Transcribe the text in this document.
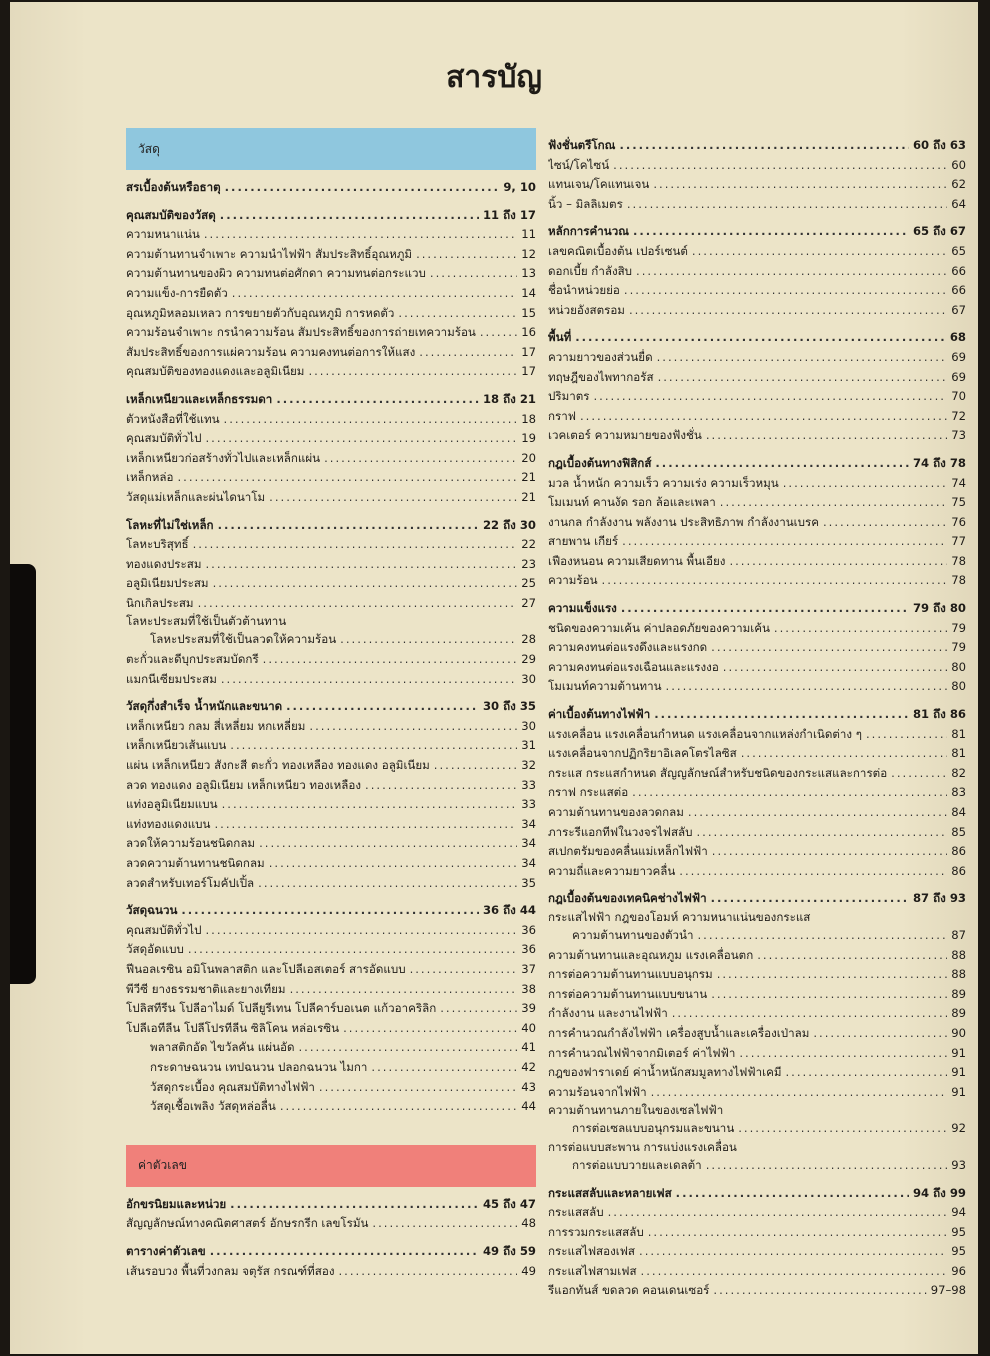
สารบัญ
วัสดุ
สรเบื้องต้นหรือธาตุ .....	9, 10
คุณสมบัติของวัสดุ .....	11 ถึง 17
ความหนาแน่น .....	11
ความต้านทานจำเพาะ ความนำไฟฟ้า สัมประสิทธิ์อุณหภูมิ .....	12
ความต้านทานของผิว ความทนต่อศักดา ความทนต่อกระแวบ .....	13
ความแข็ง-การยืดตัว .....	14
อุณหภูมิหลอมเหลว การขยายตัวกับอุณหภูมิ การหดตัว .....	15
ความร้อนจำเพาะ กรนำความร้อน สัมประสิทธิ์ของการถ่ายเทความร้อน .....	16
สัมประสิทธิ์ของการแผ่ความร้อน ความคงทนต่อการให้แสง .....	17
คุณสมบัติของทองแดงและอลูมิเนียม .....	17
เหล็กเหนียวและเหล็กธรรมดา .....	18 ถึง 21
ตัวหนังสือที่ใช้แทน .....	18
คุณสมบัติทั่วไป .....	19
เหล็กเหนียวก่อสร้างทั่วไปและเหล็กแผ่น .....	20
เหล็กหล่อ .....	21
วัสดุแม่เหล็กและผ่นไดนาโม .....	21
โลหะที่ไม่ใช่เหล็ก .....	22 ถึง 30
โลหะบริสุทธิ์ .....	22
ทองแดงประสม .....	23
อลูมิเนียมประสม .....	25
นิกเกิลประสม .....	27
โลหะประสมที่ใช้เป็นตัวต้านทาน
โลหะประสมที่ใช้เป็นลวดให้ความร้อน .....	28
ตะกั่วและดีบุกประสมบัดกรี .....	29
แมกนีเซียมประสม .....	30
วัสดุกึ่งสำเร็จ น้ำหนักและขนาด .....	30 ถึง 35
เหล็กเหนียว กลม สี่เหลี่ยม หกเหลี่ยม .....	30
เหล็กเหนียวเส้นแบน .....	31
แผ่น เหล็กเหนียว สังกะสี ตะกั่ว ทองเหลือง ทองแดง อลูมิเนียม .....	32
ลวด ทองแดง อลูมิเนียม เหล็กเหนียว ทองเหลือง .....	33
แท่งอลูมิเนียมแบน .....	33
แท่งทองแดงแบน .....	34
ลวดให้ความร้อนชนิดกลม .....	34
ลวดความต้านทานชนิดกลม .....	34
ลวดสำหรับเทอร์โมคัปเปิ้ล .....	35
วัสดุฉนวน .....	36 ถึง 44
คุณสมบัติทั่วไป .....	36
วัสดุอัดแบบ .....	36
ฟีนอลเรซิน อมิโนพลาสติก และโปลีเอสเตอร์ สารอัดแบบ .....	37
พีวีซี ยางธรรมชาติและยางเทียม .....	38
โปลิสทีรีน โปลีอาไมด์ โปลียูรีเทน โปลีคาร์บอเนต แก้วอาคริลิก .....	39
โปลีเอทีลีน โปลีโปรทีลีน ซิลิโคน หล่อเรซิน .....	40
พลาสติกอัด ไขวัลคัน แผ่นอัด .....	41
กระดาษฉนวน เทปฉนวน ปลอกฉนวน ไมกา .....	42
วัสดุกระเบื้อง คุณสมบัติทางไฟฟ้า .....	43
วัสดุเชื้อเพลิง วัสดุหล่อลื่น .....	44
ค่าตัวเลข
อักขรนิยมและหน่วย .....	45 ถึง 47
สัญญลักษณ์ทางคณิตศาสตร์ อักษรกรีก เลขโรมัน .....	48
ตารางค่าตัวเลข .....	49 ถึง 59
เส้นรอบวง พื้นที่วงกลม จตุรัส กรณฑ์ที่สอง .....	49
ฟังชั่นตรีโกณ .....	60 ถึง 63
ไซน์/โคไซน์ .....	60
แทนเจน/โคแทนเจน .....	62
นิ้ว – มิลลิเมตร .....	64
หลักการคำนวณ .....	65 ถึง 67
เลขคณิตเบื้องต้น เปอร์เซนต์ .....	65
ดอกเบี้ย กำลังสิบ .....	66
ชื่อนำหน่วยย่อ .....	66
หน่วยอังสตรอม .....	67
พื้นที่ .....	68
ความยาวของส่วนยื่ด .....	69
ทฤษฎีของไพทากอรัส .....	69
ปริมาตร .....	70
กราฟ .....	72
เวคเตอร์ ความหมายของฟังชั่น .....	73
กฎเบื้องต้นทางฟิสิกส์ .....	74 ถึง 78
มวล น้ำหนัก ความเร็ว ความเร่ง ความเร็วหมุน .....	74
โมเมนท์ คานงัด รอก ล้อและเพลา .....	75
งานกล กำลังงาน พลังงาน ประสิทธิภาพ กำลังงานเบรค .....	76
สายพาน เกียร์ .....	77
เฟืองหนอน ความเสียดทาน พื้นเอียง .....	78
ความร้อน .....	78
ความแข็งแรง .....	79 ถึง 80
ชนิดของความเค้น ค่าปลอดภัยของความเค้น .....	79
ความคงทนต่อแรงดึงและแรงกด .....	79
ความคงทนต่อแรงเฉือนและแรงงอ .....	80
โมเมนท์ความต้านทาน .....	80
ค่าเบื้องต้นทางไฟฟ้า .....	81 ถึง 86
แรงเคลื่อน แรงเคลื่อนกำหนด แรงเคลื่อนจากแหล่งกำเนิดต่าง ๆ .....	81
แรงเคลื่อนจากปฏิกริยาอิเลคโตรไลซิส .....	81
กระแส กระแสกำหนด สัญญลักษณ์สำหรับชนิดของกระแสและการต่อ .....	82
กราฟ กระแสต่อ .....	83
ความต้านทานของลวดกลม .....	84
ภาระรีแอกทีฟในวงจรไฟสลับ .....	85
สเปกตรัมของคลื่นแม่เหล็กไฟฟ้า .....	86
ความถี่และความยาวคลื่น .....	86
กฎเบื้องต้นของเทคนิคช่างไฟฟ้า .....	87 ถึง 93
กระแสไฟฟ้า กฎของโอมห์ ความหนาแน่นของกระแส
ความต้านทานของตัวนำ .....	87
ความต้านทานและอุณหภูม แรงเคลื่อนตก .....	88
การต่อความต้านทานแบบอนุกรม .....	88
การต่อความต้านทานแบบขนาน .....	89
กำลังงาน และงานไฟฟ้า .....	89
การคำนวณกำลังไฟฟ้า เครื่องสูบน้ำและเครื่องเป่าลม .....	90
การคำนวณไฟฟ้าจากมิเตอร์ ค่าไฟฟ้า .....	91
กฎของฟาราเดย์ ค่าน้ำหนักสมมูลทางไฟฟ้าเคมี .....	91
ความร้อนจากไฟฟ้า .....	91
ความต้านทานภายในของเซลไฟฟ้า
การต่อเซลแบบอนุกรมและขนาน .....	92
การต่อแบบสะพาน การแบ่งแรงเคลื่อน
การต่อแบบวายและเดลต้า .....	93
กระแสสลับและหลายเฟส .....	94 ถึง 99
กระแสสลับ .....	94
การรวมกระแสสลับ .....	95
กระแสไฟสองเฟส .....	95
กระแสไฟสามเฟส .....	96
รีแอกทันส์ ขดลวด คอนเดนเซอร์ .....	97–98
